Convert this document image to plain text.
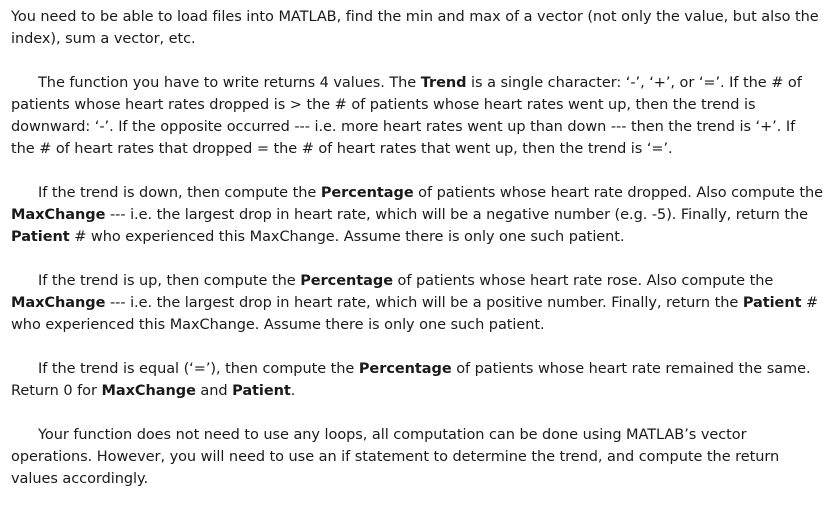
You need to be able to load files into MATLAB, find the min and max of a vector (not only the value, but also the index), sum a vector, etc.

The function you have to write returns 4 values. The Trend is a single character: ‘-’, ‘+’, or ‘=’. If the # of patients whose heart rates dropped is > the # of patients whose heart rates went up, then the trend is downward: ‘-’. If the opposite occurred --- i.e. more heart rates went up than down --- then the trend is ‘+’. If the # of heart rates that dropped = the # of heart rates that went up, then the trend is ‘=’.

If the trend is down, then compute the Percentage of patients whose heart rate dropped. Also compute the MaxChange --- i.e. the largest drop in heart rate, which will be a negative number (e.g. -5). Finally, return the Patient # who experienced this MaxChange. Assume there is only one such patient.

If the trend is up, then compute the Percentage of patients whose heart rate rose. Also compute the MaxChange --- i.e. the largest drop in heart rate, which will be a positive number. Finally, return the Patient # who experienced this MaxChange. Assume there is only one such patient.

If the trend is equal (‘=’), then compute the Percentage of patients whose heart rate remained the same. Return 0 for MaxChange and Patient.

Your function does not need to use any loops, all computation can be done using MATLAB’s vector operations. However, you will need to use an if statement to determine the trend, and compute the return values accordingly.
